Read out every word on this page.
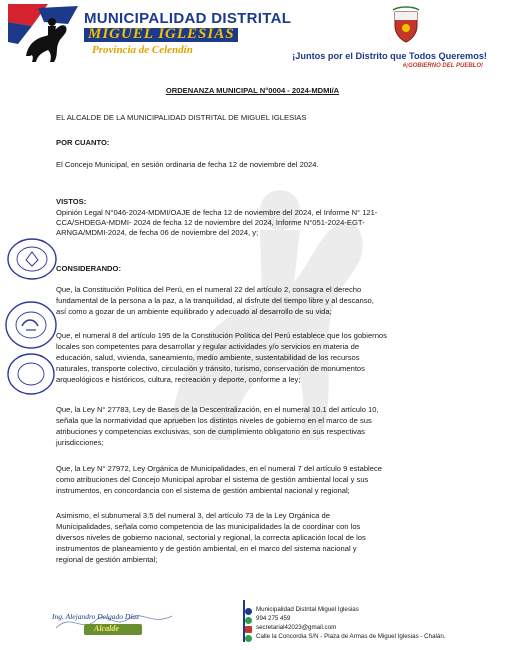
MUNICIPALIDAD DISTRITAL
MIGUEL IGLESIAS
Provincia de Celendín	¡Juntos por el Distrito que Todos Queremos!
#¡GOBIERNO DEL PUEBLO!
ORDENANZA MUNICIPAL N°0004 - 2024-MDMI/A
EL ALCALDE DE LA MUNICIPALIDAD DISTRITAL DE MIGUEL IGLESIAS
POR CUANTO:
El Concejo Municipal, en sesión ordinaria de fecha 12 de noviembre del 2024.
VISTOS:
Opinión Legal N°046-2024-MDMI/OAJE de fecha 12 de noviembre del 2024, el Informe N° 121-
CCA/SHDEGA-MDMI- 2024 de fecha 12 de noviembre del 2024, Informe N°051-2024-EGT-
ARNGA/MDMI-2024, de fecha 06 de noviembre del 2024, y;
CONSIDERANDO:
Que, la Constitución Política del Perú, en el numeral 22 del artículo 2, consagra el derecho
fundamental de la persona a la paz, a la tranquilidad, al disfrute del tiempo libre y al descanso,
así como a gozar de un ambiente equilibrado y adecuado al desarrollo de su vida;
Que, el numeral 8 del artículo 195 de la Constitución Política del Perú establece que los gobiernos
locales son competentes para desarrollar y regular actividades y/o servicios en materia de
educación, salud, vivienda, saneamiento, medio ambiente, sustentabilidad de los recursos
naturales, transporte colectivo, circulación y tránsito, turismo, conservación de monumentos
arqueológicos e históricos, cultura, recreación y deporte, conforme a ley;
Que, la Ley N° 27783, Ley de Bases de la Descentralización, en el numeral 10.1 del artículo 10,
señala que la normatividad que aprueben los distintos niveles de gobierno en el marco de sus
atribuciones y competencias exclusivas, son de cumplimiento obligatorio en sus respectivas
jurisdicciones;
Que, la Ley N° 27972, Ley Orgánica de Municipalidades, en el numeral 7 del artículo 9 establece
como atribuciones del Concejo Municipal aprobar el sistema de gestión ambiental local y sus
instrumentos, en concordancia con el sistema de gestión ambiental nacional y regional;
Asimismo, el subnumeral 3.5 del numeral 3, del artículo 73 de la Ley Orgánica de
Municipalidades, señala como competencia de las municipalidades la de coordinar con los
diversos niveles de gobierno nacional, sectorial y regional, la correcta aplicación local de los
instrumentos de planeamiento y de gestión ambiental, en el marco del sistema nacional y
regional de gestión ambiental;
Ing. Alejandro Delgado Díaz
Alcalde
Municipalidad Distrital Miguel Iglesias
994 275 459
secretarial42023@gmail.com
Calle la Concordia S/N - Plaza de Armas de Miguel Iglesias - Chalán.
